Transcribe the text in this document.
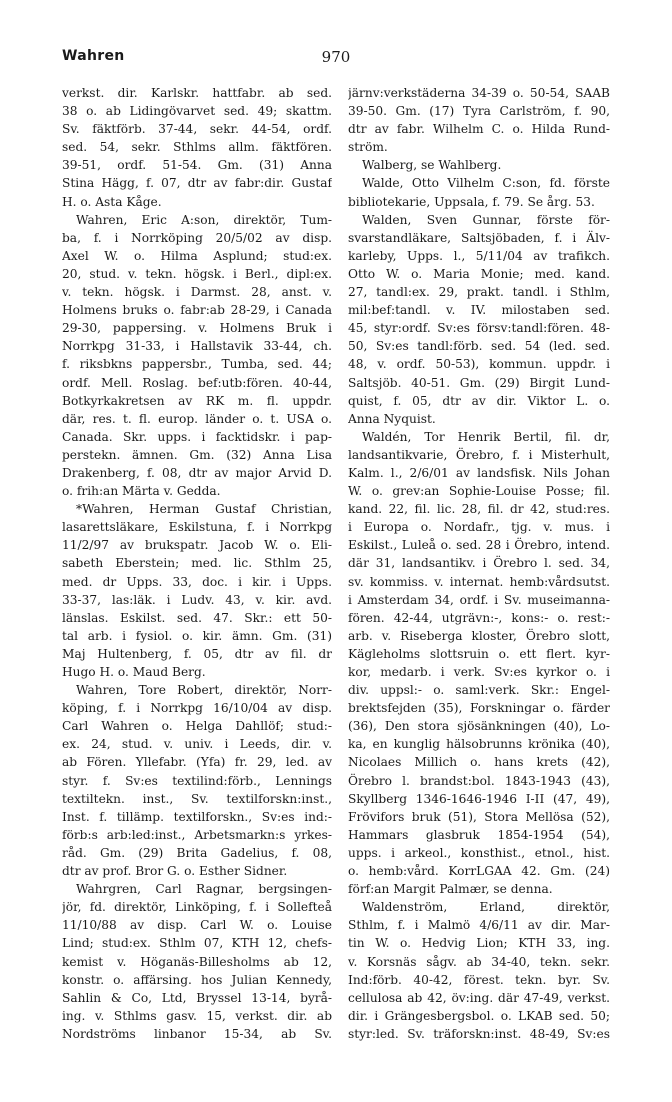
Wahren	970
verkst. dir. Karlskr. hattfabr. ab sed.
38 o. ab Lidingövarvet sed. 49; skattm.
Sv. fäktförb. 37-44, sekr. 44-54, ordf.
sed. 54, sekr. Sthlms allm. fäktfören.
39-51, ordf. 51-54. Gm. (31) Anna
Stina Hägg, f. 07, dtr av fabr:dir. Gustaf
H. o. Asta Kåge.
Wahren, Eric A:son, direktör, Tum-
ba, f. i Norrköping 20/5/02 av disp.
Axel W. o. Hilma Asplund; stud:ex.
20, stud. v. tekn. högsk. i Berl., dipl:ex.
v. tekn. högsk. i Darmst. 28, anst. v.
Holmens bruks o. fabr:ab 28-29, i Canada
29-30, pappersing. v. Holmens Bruk i
Norrkpg 31-33, i Hallstavik 33-44, ch.
f. riksbkns pappersbr., Tumba, sed. 44;
ordf. Mell. Roslag. bef:utb:fören. 40-44,
Botkyrkakretsen av RK m. fl. uppdr.
där, res. t. fl. europ. länder o. t. USA o.
Canada. Skr. upps. i facktidskr. i pap-
perstekn. ämnen. Gm. (32) Anna Lisa
Drakenberg, f. 08, dtr av major Arvid D.
o. frih:an Märta v. Gedda.
*Wahren, Herman Gustaf Christian,
lasarettsläkare, Eskilstuna, f. i Norrkpg
11/2/97 av brukspatr. Jacob W. o. Eli-
sabeth Eberstein; med. lic. Sthlm 25,
med. dr Upps. 33, doc. i kir. i Upps.
33-37, las:läk. i Ludv. 43, v. kir. avd.
länslas. Eskilst. sed. 47. Skr.: ett 50-
tal arb. i fysiol. o. kir. ämn. Gm. (31)
Maj Hultenberg, f. 05, dtr av fil. dr
Hugo H. o. Maud Berg.
Wahren, Tore Robert, direktör, Norr-
köping, f. i Norrkpg 16/10/04 av disp.
Carl Wahren o. Helga Dahllöf; stud:-
ex. 24, stud. v. univ. i Leeds, dir. v.
ab Fören. Yllefabr. (Yfa) fr. 29, led. av
styr. f. Sv:es textilind:förb., Lennings
textiltekn. inst., Sv. textilforskn:inst.,
Inst. f. tillämp. textilforskn., Sv:es ind:-
förb:s arb:led:inst., Arbetsmarkn:s yrkes-
råd. Gm. (29) Brita Gadelius, f. 08,
dtr av prof. Bror G. o. Esther Sidner.
Wahrgren, Carl Ragnar, bergsingen-
jör, fd. direktör, Linköping, f. i Sollefteå
11/10/88 av disp. Carl W. o. Louise
Lind; stud:ex. Sthlm 07, KTH 12, chefs-
kemist v. Höganäs-Billesholms ab 12,
konstr. o. affärsing. hos Julian Kennedy,
Sahlin & Co, Ltd, Bryssel 13-14, byrå-
ing. v. Sthlms gasv. 15, verkst. dir. ab
Nordströms linbanor 15-34, ab Sv.
järnv:verkstäderna 34-39 o. 50-54, SAAB
39-50. Gm. (17) Tyra Carlström, f. 90,
dtr av fabr. Wilhelm C. o. Hilda Rund-
ström.
Walberg, se Wahlberg.
Walde, Otto Vilhelm C:son, fd. förste
bibliotekarie, Uppsala, f. 79. Se årg. 53.
Walden, Sven Gunnar, förste för-
svarstandläkare, Saltsjöbaden, f. i Älv-
karleby, Upps. l., 5/11/04 av trafikch.
Otto W. o. Maria Monie; med. kand.
27, tandl:ex. 29, prakt. tandl. i Sthlm,
mil:bef:tandl. v. IV. milostaben sed.
45, styr:ordf. Sv:es försv:tandl:fören. 48-
50, Sv:es tandl:förb. sed. 54 (led. sed.
48, v. ordf. 50-53), kommun. uppdr. i
Saltsjöb. 40-51. Gm. (29) Birgit Lund-
quist, f. 05, dtr av dir. Viktor L. o.
Anna Nyquist.
Waldén, Tor Henrik Bertil, fil. dr,
landsantikvarie, Örebro, f. i Misterhult,
Kalm. l., 2/6/01 av landsfisk. Nils Johan
W. o. grev:an Sophie-Louise Posse; fil.
kand. 22, fil. lic. 28, fil. dr 42, stud:res.
i Europa o. Nordafr., tjg. v. mus. i
Eskilst., Luleå o. sed. 28 i Örebro, intend.
där 31, landsantikv. i Örebro l. sed. 34,
sv. kommiss. v. internat. hemb:vårdsutst.
i Amsterdam 34, ordf. i Sv. museimanna-
fören. 42-44, utgrävn:-, kons:- o. rest:-
arb. v. Riseberga kloster, Örebro slott,
Kägleholms slottsruin o. ett flert. kyr-
kor, medarb. i verk. Sv:es kyrkor o. i
div. uppsl:- o. saml:verk. Skr.: Engel-
brektsfejden (35), Forskningar o. färder
(36), Den stora sjösänkningen (40), Lo-
ka, en kunglig hälsobrunns krönika (40),
Nicolaes Millich o. hans krets (42),
Örebro l. brandst:bol. 1843-1943 (43),
Skyllberg 1346-1646-1946 I-II (47, 49),
Frövifors bruk (51), Stora Mellösa (52),
Hammars glasbruk 1854-1954 (54),
upps. i arkeol., konsthist., etnol., hist.
o. hemb:vård. KorrLGAA 42. Gm. (24)
förf:an Margit Palmær, se denna.
Waldenström, Erland, direktör,
Sthlm, f. i Malmö 4/6/11 av dir. Mar-
tin W. o. Hedvig Lion; KTH 33, ing.
v. Korsnäs sågv. ab 34-40, tekn. sekr.
Ind:förb. 40-42, förest. tekn. byr. Sv.
cellulosa ab 42, öv:ing. där 47-49, verkst.
dir. i Grängesbergsbol. o. LKAB sed. 50;
styr:led. Sv. träforskn:inst. 48-49, Sv:es
